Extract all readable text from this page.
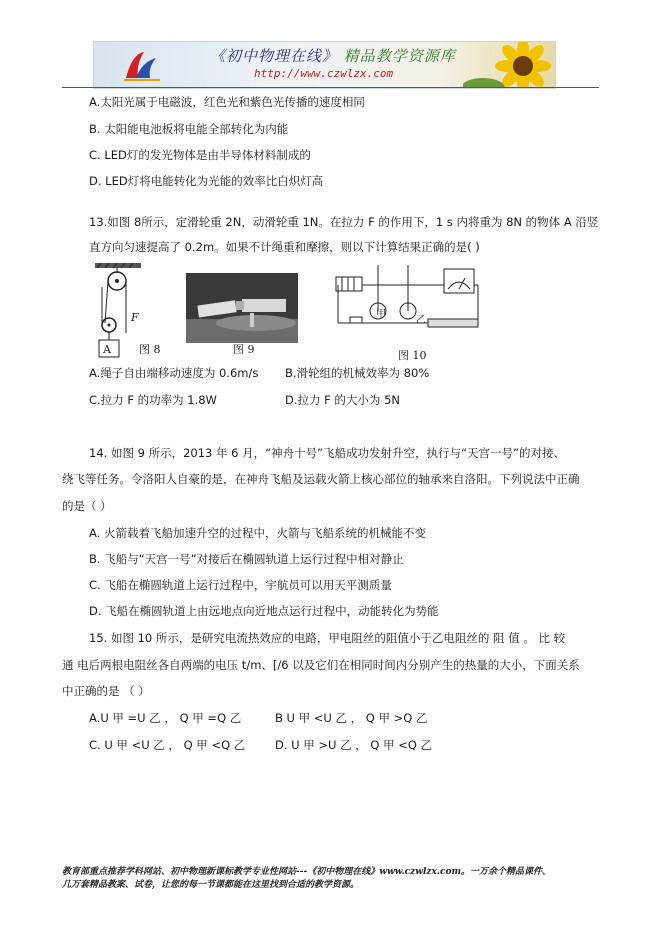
《初中物理在线》 精品教学资源库
http://www.czwlzx.com
A.太阳光属于电磁波，红色光和紫色光传播的速度相同
B. 太阳能电池板将电能全部转化为内能
C. LED灯的发光物体是由半导体材料制成的
D. LED灯将电能转化为光能的效率比白炽灯高
13.如图 8所示，定滑轮重 2N，动滑轮重 1N。在拉力 F 的作用下，1 s 内将重为 8N 的物体 A 沿竖
直方向匀速提高了 0.2m。如果不计绳重和摩擦，则以下计算结果正确的是( )
A
F
图 8	图 9
甲
乙
图 10
A.绳子自由端移动速度为 0.6m/s B.滑轮组的机械效率为 80%
C.拉力 F 的功率为 1.8W	D.拉力 F 的大小为 5N
14. 如图 9 所示，2013 年 6 月，“神舟十号”飞船成功发射升空，执行与“天宫一号”的对接、
绕飞等任务。令洛阳人自豪的是，在神舟飞船及运载火箭上核心部位的轴承来自洛阳。下列说法中正确
的是（ ）
A. 火箭载着飞船加速升空的过程中，火箭与飞船系统的机械能不变
B. 飞船与“天宫一号”对接后在椭圆轨道上运行过程中相对静止
C. 飞船在椭圆轨道上运行过程中，宇航员可以用天平测质量
D. 飞船在椭圆轨道上由远地点向近地点运行过程中，动能转化为势能
15. 如图 10 所示，是研究电流热效应的电路，甲电阻丝的阻值小于乙电阻丝的 阻 值 。 比 较
通 电后两根电阻丝各自两端的电压 t/m、[/6 以及它们在相同时间内分别产生的热量的大小，下面关系
中正确的是 （ ）
A.U 甲 =U 乙 ， Q 甲 =Q 乙	B U 甲 <U 乙 ， Q 甲 >Q 乙
C. U 甲 <U 乙 ， Q 甲 <Q 乙	D. U 甲 >U 乙 ， Q 甲 <Q 乙
教育部重点推荐学科网站、初中物理新课标教学专业性网站---《初中物理在线》www.czwlzx.com。一万余个精品课件、
几万套精品教案、试卷，让您的每一节课都能在这里找到合适的教学资源。
